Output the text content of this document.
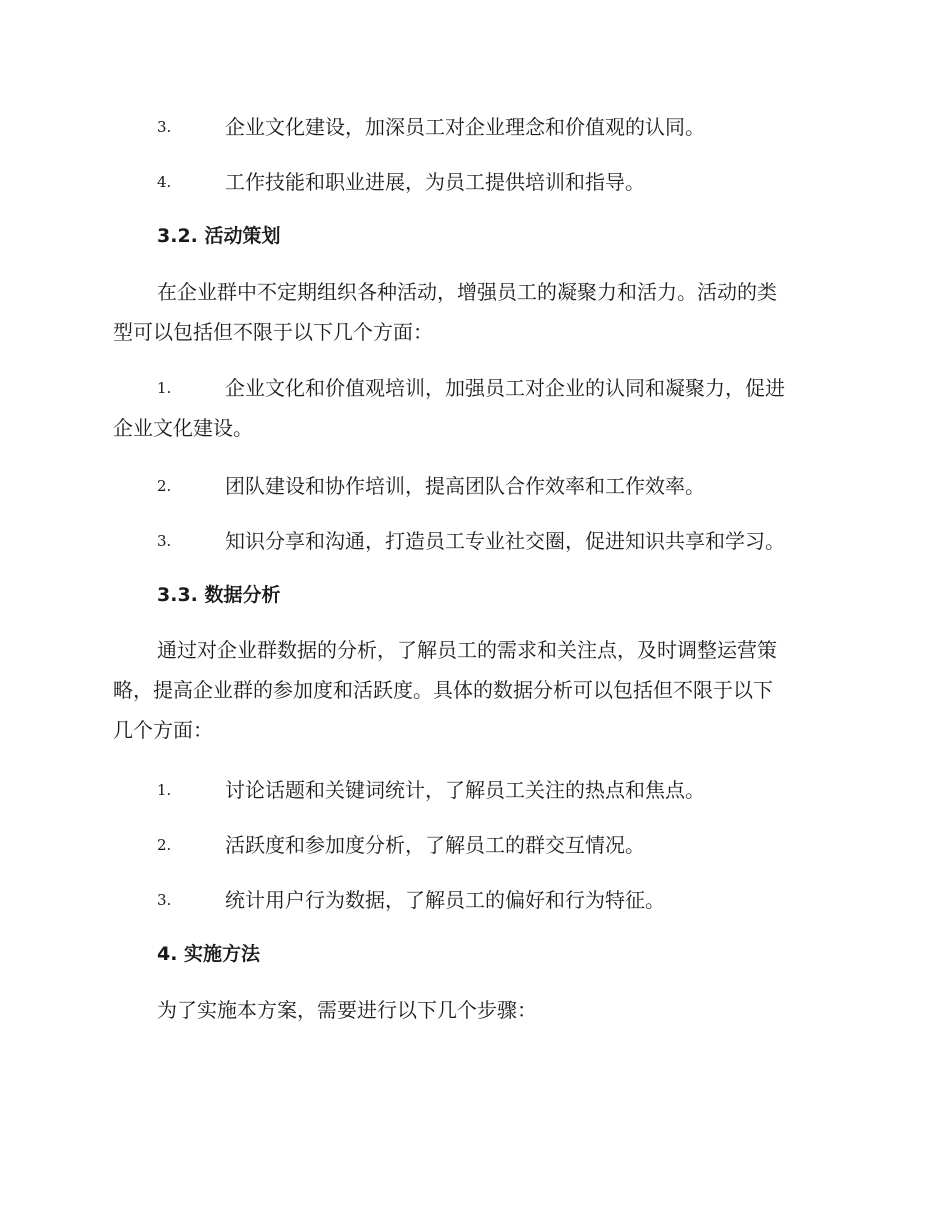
3.	企业文化建设，加深员工对企业理念和价值观的认同。
4.	工作技能和职业进展，为员工提供培训和指导。
3.2. 活动策划
在企业群中不定期组织各种活动，增强员工的凝聚力和活力。活动的类
型可以包括但不限于以下几个方面：
1.	企业文化和价值观培训，加强员工对企业的认同和凝聚力，促进
企业文化建设。
2.	团队建设和协作培训，提高团队合作效率和工作效率。
3.	知识分享和沟通，打造员工专业社交圈，促进知识共享和学习。
3.3. 数据分析
通过对企业群数据的分析，了解员工的需求和关注点，及时调整运营策
略，提高企业群的参加度和活跃度。具体的数据分析可以包括但不限于以下
几个方面：
1.	讨论话题和关键词统计，了解员工关注的热点和焦点。
2.	活跃度和参加度分析，了解员工的群交互情况。
3.	统计用户行为数据，了解员工的偏好和行为特征。
4. 实施方法
为了实施本方案，需要进行以下几个步骤：
